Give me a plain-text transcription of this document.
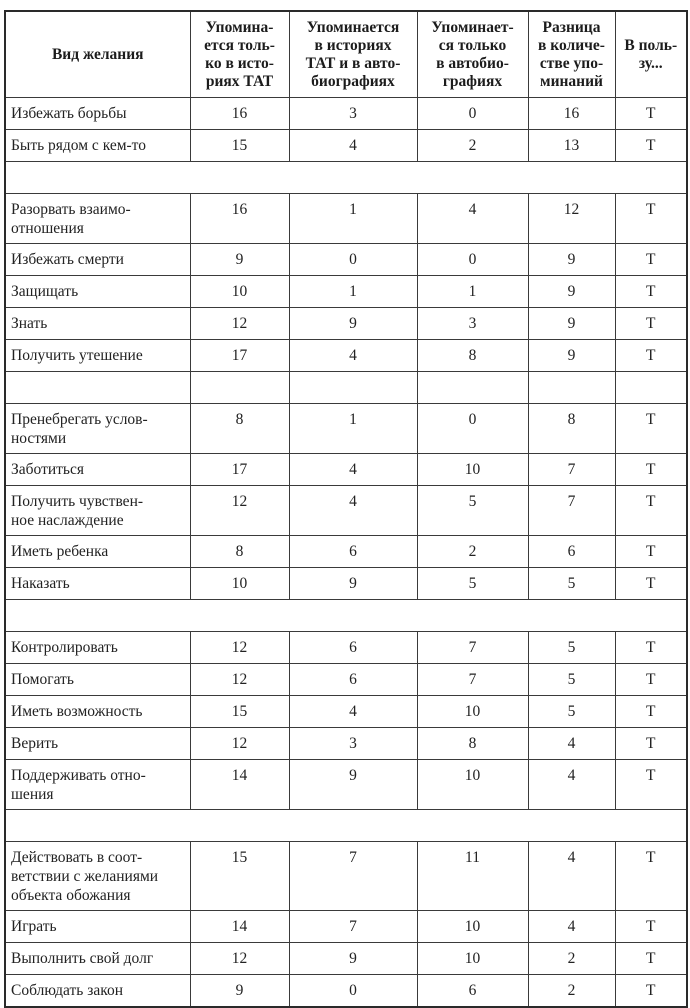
Вид желания	Упомина-
ется толь-
ко в исто-
риях ТАТ	Упоминается
в историях
ТАТ и в авто-
биографиях	Упоминает-
ся только
в автобио-
графиях	Разница
в количе-
стве упо-
минаний	В поль-
зу...

Избежать борьбы	16	3	0	16	Т

Быть рядом с кем-то	15	4	2	13	Т

Разорвать взаимо-
отношения	16	1	4	12	Т

Избежать смерти	9	0	0	9	Т

Защищать	10	1	1	9	Т

Знать	12	9	3	9	Т

Получить утешение	17	4	8	9	Т

Пренебрегать услов-
ностями	8	1	0	8	Т

Заботиться	17	4	10	7	Т

Получить чувствен-
ное наслаждение	12	4	5	7	Т

Иметь ребенка	8	6	2	6	Т

Наказать	10	9	5	5	Т

Контролировать	12	6	7	5	Т

Помогать	12	6	7	5	Т

Иметь возможность	15	4	10	5	Т

Верить	12	3	8	4	Т

Поддерживать отно-
шения	14	9	10	4	Т

Действовать в соот-
ветствии с желаниями
объекта обожания	15	7	11	4	Т

Играть	14	7	10	4	Т

Выполнить свой долг	12	9	10	2	Т

Соблюдать закон	9	0	6	2	Т
